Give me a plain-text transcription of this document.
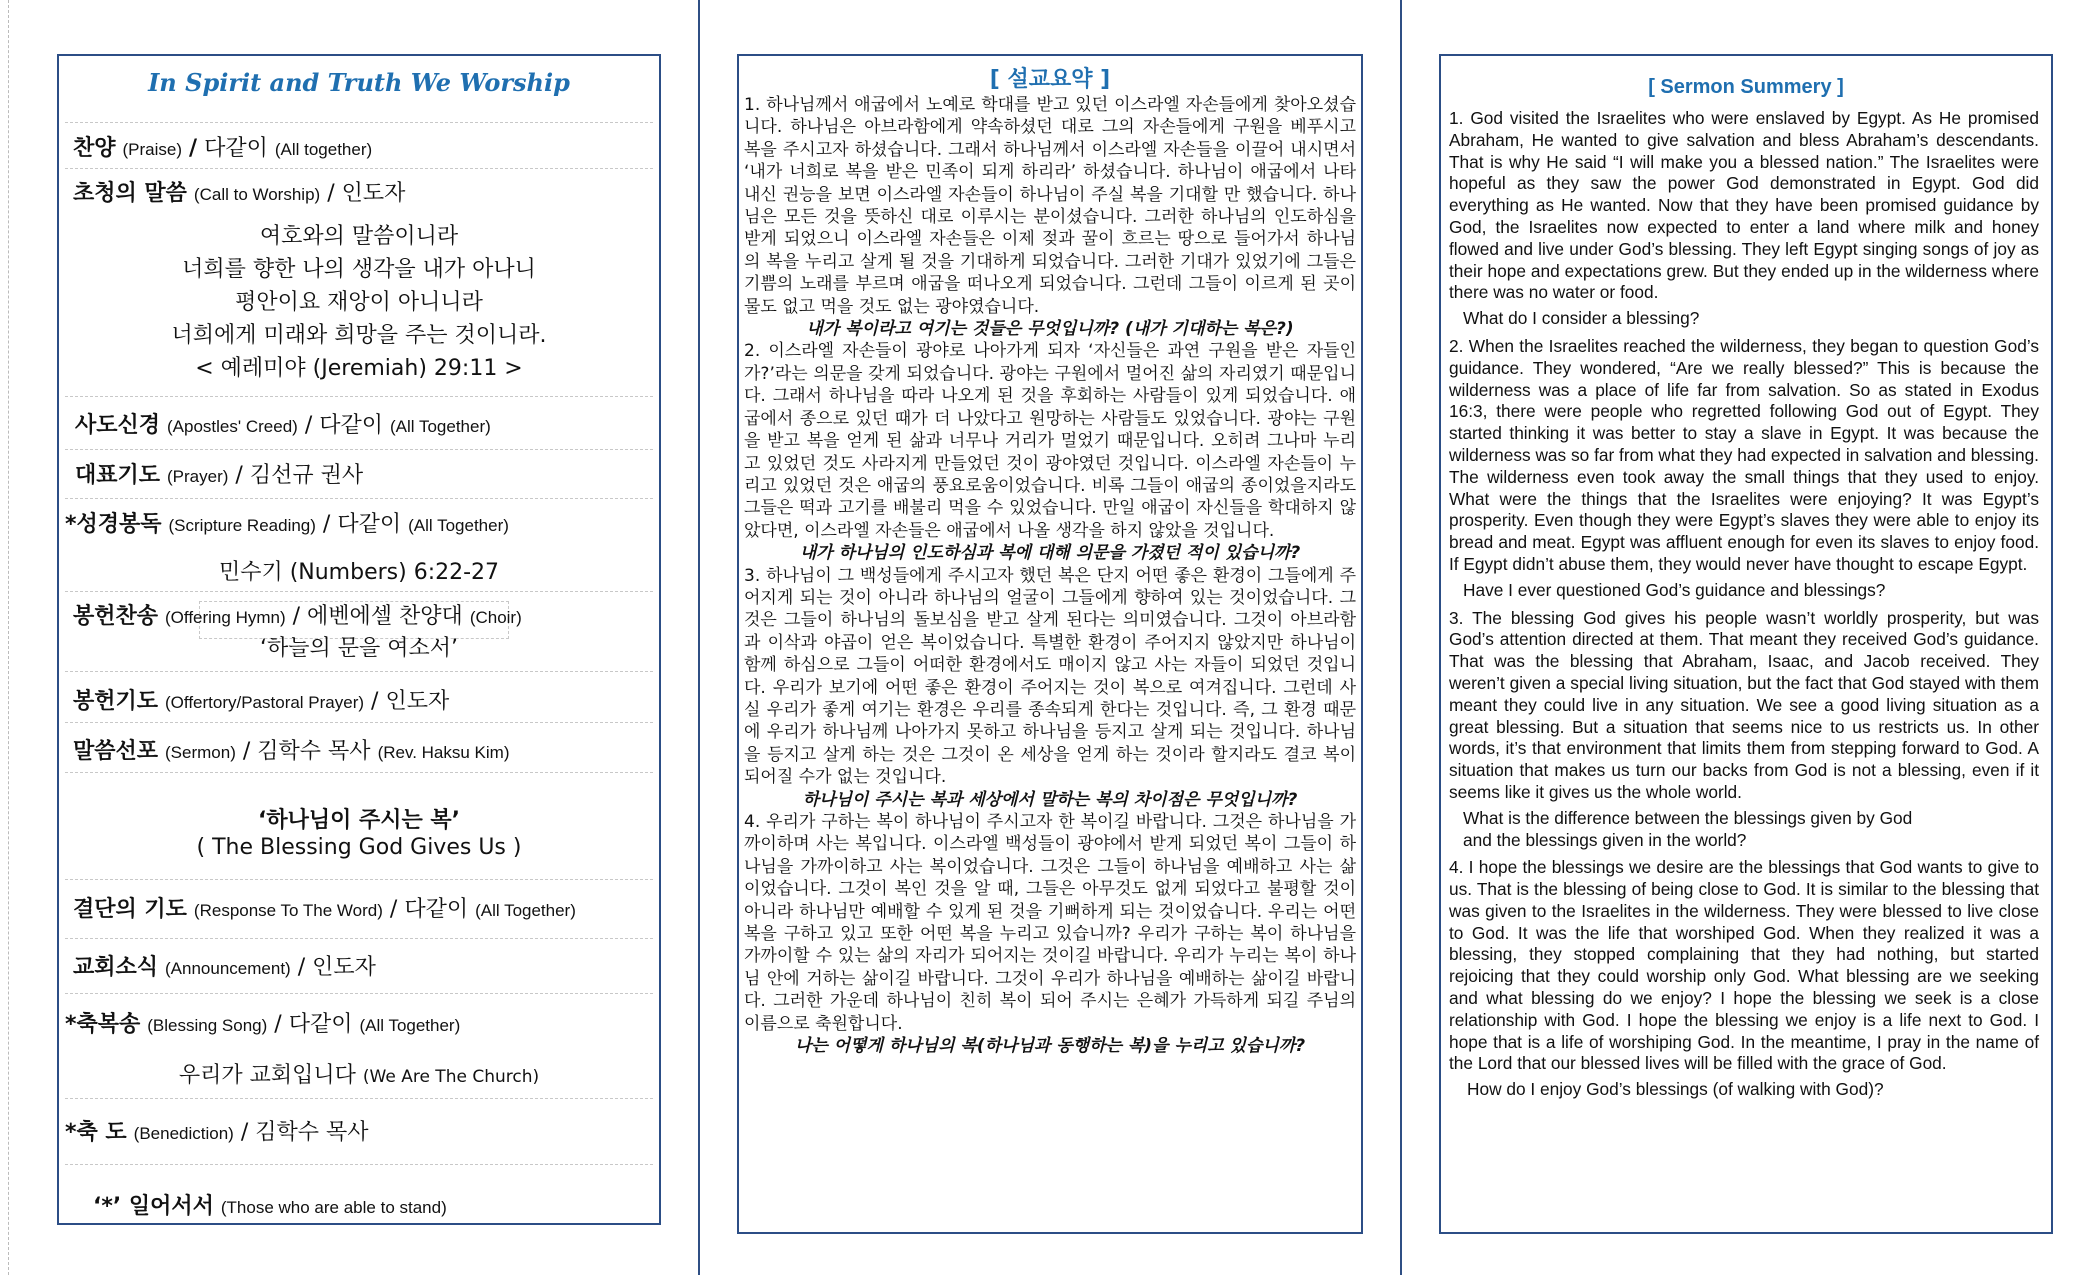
In Spirit and Truth We Worship
찬양 (Praise) / 다같이 (All together)
초청의 말씀 (Call to Worship) / 인도자
여호와의 말씀이니라
너희를 향한 나의 생각을 내가 아나니
평안이요 재앙이 아니니라
너희에게 미래와 희망을 주는 것이니라.
< 예레미야 (Jeremiah) 29:11 >
사도신경 (Apostles' Creed) / 다같이 (All Together)
대표기도 (Prayer) / 김선규 권사
*성경봉독 (Scripture Reading) / 다같이 (All Together)
민수기 (Numbers) 6:22-27
봉헌찬송 (Offering Hymn) / 에벤에셀 찬양대 (Choir)
‘하늘의 문을 여소서’
봉헌기도 (Offertory/Pastoral Prayer) / 인도자
말씀선포 (Sermon) / 김학수 목사 (Rev. Haksu Kim)
‘하나님이 주시는 복’
( The Blessing God Gives Us )
결단의 기도 (Response To The Word) / 다같이 (All Together)
교회소식 (Announcement) / 인도자
*축복송 (Blessing Song) / 다같이 (All Together)
우리가 교회입니다 (We Are The Church)
*축 도 (Benediction) / 김학수 목사
‘*’ 일어서서 (Those who are able to stand)
[ 설교요약 ]

1. 하나님께서 애굽에서 노예로 학대를 받고 있던 이스라엘 자손들에게 찾아오셨습니다. 하나님은 아브라함에게 약속하셨던 대로 그의 자손들에게 구원을 베푸시고 복을 주시고자 하셨습니다. 그래서 하나님께서 이스라엘 자손들을 이끌어 내시면서 ‘내가 너희로 복을 받은 민족이 되게 하리라’ 하셨습니다. 하나님이 애굽에서 나타내신 권능을 보면 이스라엘 자손들이 하나님이 주실 복을 기대할 만 했습니다. 하나님은 모든 것을 뜻하신 대로 이루시는 분이셨습니다. 그러한 하나님의 인도하심을 받게 되었으니 이스라엘 자손들은 이제 젖과 꿀이 흐르는 땅으로 들어가서 하나님의 복을 누리고 살게 될 것을 기대하게 되었습니다. 그러한 기대가 있었기에 그들은 기쁨의 노래를 부르며 애굽을 떠나오게 되었습니다. 그런데 그들이 이르게 된 곳이 물도 없고 먹을 것도 없는 광야였습니다.

내가 복이라고 여기는 것들은 무엇입니까? (내가 기대하는 복은?)

2. 이스라엘 자손들이 광야로 나아가게 되자 ‘자신들은 과연 구원을 받은 자들인가?’라는 의문을 갖게 되었습니다. 광야는 구원에서 멀어진 삶의 자리였기 때문입니다. 그래서 하나님을 따라 나오게 된 것을 후회하는 사람들이 있게 되었습니다. 애굽에서 종으로 있던 때가 더 나았다고 원망하는 사람들도 있었습니다. 광야는 구원을 받고 복을 얻게 된 삶과 너무나 거리가 멀었기 때문입니다. 오히려 그나마 누리고 있었던 것도 사라지게 만들었던 것이 광야였던 것입니다. 이스라엘 자손들이 누리고 있었던 것은 애굽의 풍요로움이었습니다. 비록 그들이 애굽의 종이었을지라도 그들은 떡과 고기를 배불리 먹을 수 있었습니다. 만일 애굽이 자신들을 학대하지 않았다면, 이스라엘 자손들은 애굽에서 나올 생각을 하지 않았을 것입니다.

내가 하나님의 인도하심과 복에 대해 의문을 가졌던 적이 있습니까?

3. 하나님이 그 백성들에게 주시고자 했던 복은 단지 어떤 좋은 환경이 그들에게 주어지게 되는 것이 아니라 하나님의 얼굴이 그들에게 향하여 있는 것이었습니다. 그것은 그들이 하나님의 돌보심을 받고 살게 된다는 의미였습니다. 그것이 아브라함과 이삭과 야곱이 얻은 복이었습니다. 특별한 환경이 주어지지 않았지만 하나님이 함께 하심으로 그들이 어떠한 환경에서도 매이지 않고 사는 자들이 되었던 것입니다. 우리가 보기에 어떤 좋은 환경이 주어지는 것이 복으로 여겨집니다. 그런데 사실 우리가 좋게 여기는 환경은 우리를 종속되게 한다는 것입니다. 즉, 그 환경 때문에 우리가 하나님께 나아가지 못하고 하나님을 등지고 살게 되는 것입니다. 하나님을 등지고 살게 하는 것은 그것이 온 세상을 얻게 하는 것이라 할지라도 결코 복이 되어질 수가 없는 것입니다.

하나님이 주시는 복과 세상에서 말하는 복의 차이점은 무엇입니까?

4. 우리가 구하는 복이 하나님이 주시고자 한 복이길 바랍니다. 그것은 하나님을 가까이하며 사는 복입니다. 이스라엘 백성들이 광야에서 받게 되었던 복이 그들이 하나님을 가까이하고 사는 복이었습니다. 그것은 그들이 하나님을 예배하고 사는 삶이었습니다. 그것이 복인 것을 알 때, 그들은 아무것도 없게 되었다고 불평할 것이 아니라 하나님만 예배할 수 있게 된 것을 기뻐하게 되는 것이었습니다. 우리는 어떤 복을 구하고 있고 또한 어떤 복을 누리고 있습니까? 우리가 구하는 복이 하나님을 가까이할 수 있는 삶의 자리가 되어지는 것이길 바랍니다. 우리가 누리는 복이 하나님 안에 거하는 삶이길 바랍니다. 그것이 우리가 하나님을 예배하는 삶이길 바랍니다. 그러한 가운데 하나님이 친히 복이 되어 주시는 은혜가 가득하게 되길 주님의 이름으로 축원합니다.

나는 어떻게 하나님의 복(하나님과 동행하는 복)을 누리고 있습니까?

[ Sermon Summery ]

1. God visited the Israelites who were enslaved by Egypt. As He promised Abraham, He wanted to give salvation and bless Abraham’s descendants. That is why He said “I will make you a blessed nation.” The Israelites were hopeful as they saw the power God demonstrated in Egypt. God did everything as He wanted. Now that they have been promised guidance by God, the Israelites now expected to enter a land where milk and honey flowed and live under God’s blessing. They left Egypt singing songs of joy as their hope and expectations grew. But they ended up in the wilderness where there was no water or food.

What do I consider a blessing?

2. When the Israelites reached the wilderness, they began to question God’s guidance. They wondered, “Are we really blessed?” This is because the wilderness was a place of life far from salvation. So as stated in Exodus 16:3, there were people who regretted following God out of Egypt. They started thinking it was better to stay a slave in Egypt. It was because the wilderness was so far from what they had expected in salvation and blessing. The wilderness even took away the small things that they used to enjoy. What were the things that the Israelites were enjoying? It was Egypt’s prosperity. Even though they were Egypt’s slaves they were able to enjoy its bread and meat. Egypt was affluent enough for even its slaves to enjoy food. If Egypt didn’t abuse them, they would never have thought to escape Egypt.

Have I ever questioned God’s guidance and blessings?

3. The blessing God gives his people wasn’t worldly prosperity, but was God’s attention directed at them. That meant they received God’s guidance. That was the blessing that Abraham, Isaac, and Jacob received. They weren’t given a special living situation, but the fact that God stayed with them meant they could live in any situation. We see a good living situation as a great blessing. But a situation that seems nice to us restricts us. In other words, it’s that environment that limits them from stepping forward to God. A situation that makes us turn our backs from God is not a blessing, even if it seems like it gives us the whole world.

What is the difference between the blessings given by God
and the blessings given in the world?

4. I hope the blessings we desire are the blessings that God wants to give to us. That is the blessing of being close to God. It is similar to the blessing that was given to the Israelites in the wilderness. They were blessed to live close to God. It was the life that worshiped God. When they realized it was a blessing, they stopped complaining that they had nothing, but started rejoicing that they could worship only God. What blessing are we seeking and what blessing do we enjoy? I hope the blessing we seek is a close relationship with God. I hope the blessing we enjoy is a life next to God. I hope that is a life of worshiping God. In the meantime, I pray in the name of the Lord that our blessed lives will be filled with the grace of God.

How do I enjoy God’s blessings (of walking with God)?
